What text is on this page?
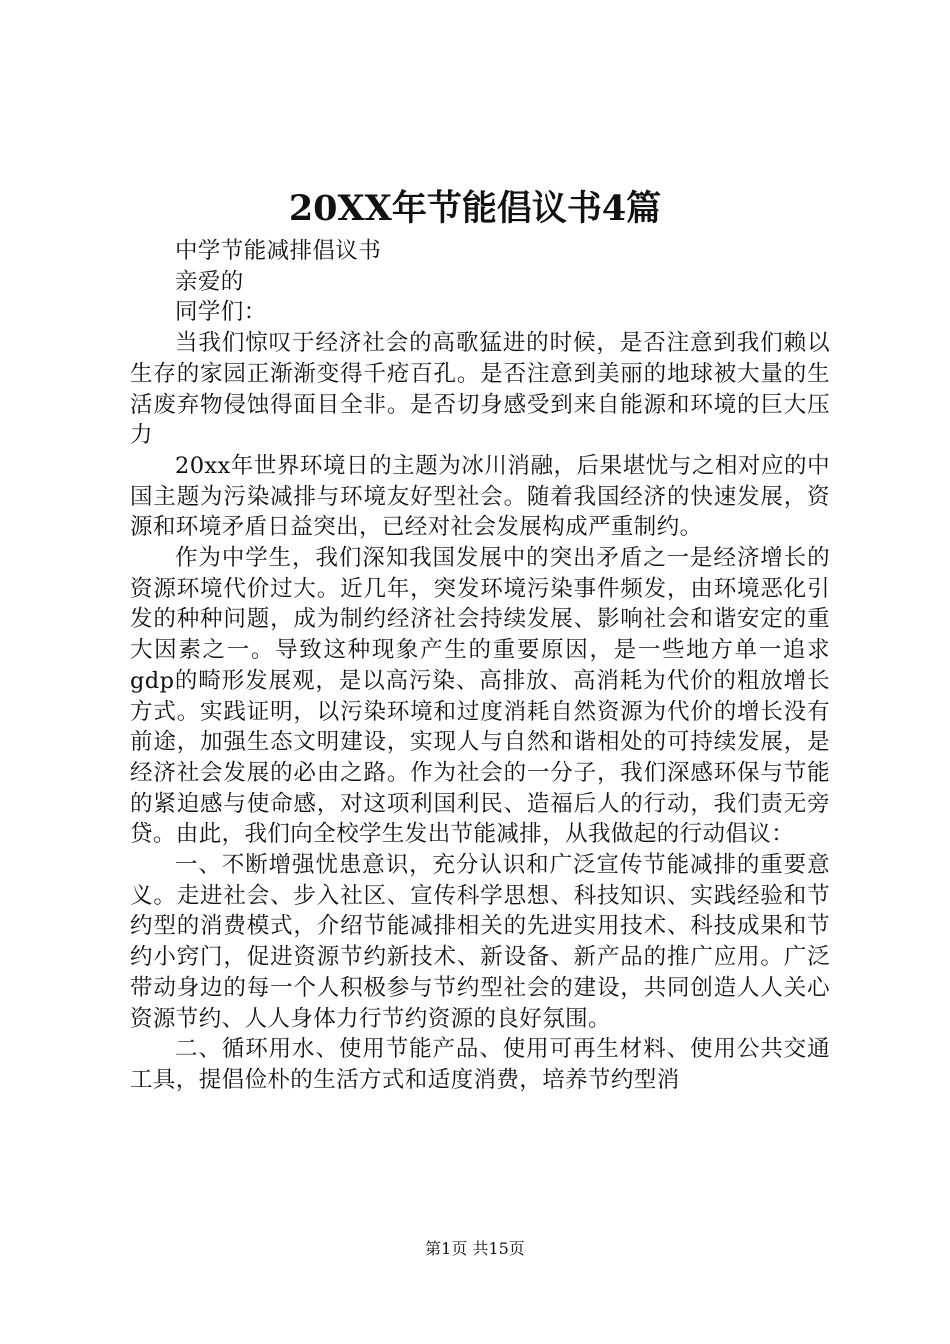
20XX年节能倡议书4篇

中学节能减排倡议书

亲爱的

同学们：

当我们惊叹于经济社会的高歌猛进的时候，是否注意到我们赖以生存的家园正渐渐变得千疮百孔。是否注意到美丽的地球被大量的生活废弃物侵蚀得面目全非。是否切身感受到来自能源和环境的巨大压力

20xx年世界环境日的主题为冰川消融，后果堪忧与之相对应的中国主题为污染减排与环境友好型社会。随着我国经济的快速发展，资源和环境矛盾日益突出，已经对社会发展构成严重制约。

作为中学生，我们深知我国发展中的突出矛盾之一是经济增长的资源环境代价过大。近几年，突发环境污染事件频发，由环境恶化引发的种种问题，成为制约经济社会持续发展、影响社会和谐安定的重大因素之一。导致这种现象产生的重要原因，是一些地方单一追求gdp的畸形发展观，是以高污染、高排放、高消耗为代价的粗放增长方式。实践证明，以污染环境和过度消耗自然资源为代价的增长没有前途，加强生态文明建设，实现人与自然和谐相处的可持续发展，是经济社会发展的必由之路。作为社会的一分子，我们深感环保与节能的紧迫感与使命感，对这项利国利民、造福后人的行动，我们责无旁贷。由此，我们向全校学生发出节能减排，从我做起的行动倡议：

一、不断增强忧患意识，充分认识和广泛宣传节能减排的重要意义。走进社会、步入社区、宣传科学思想、科技知识、实践经验和节约型的消费模式，介绍节能减排相关的先进实用技术、科技成果和节约小窍门，促进资源节约新技术、新设备、新产品的推广应用。广泛带动身边的每一个人积极参与节约型社会的建设，共同创造人人关心资源节约、人人身体力行节约资源的良好氛围。

二、循环用水、使用节能产品、使用可再生材料、使用公共交通工具，提倡俭朴的生活方式和适度消费，培养节约型消

第1页 共15页
